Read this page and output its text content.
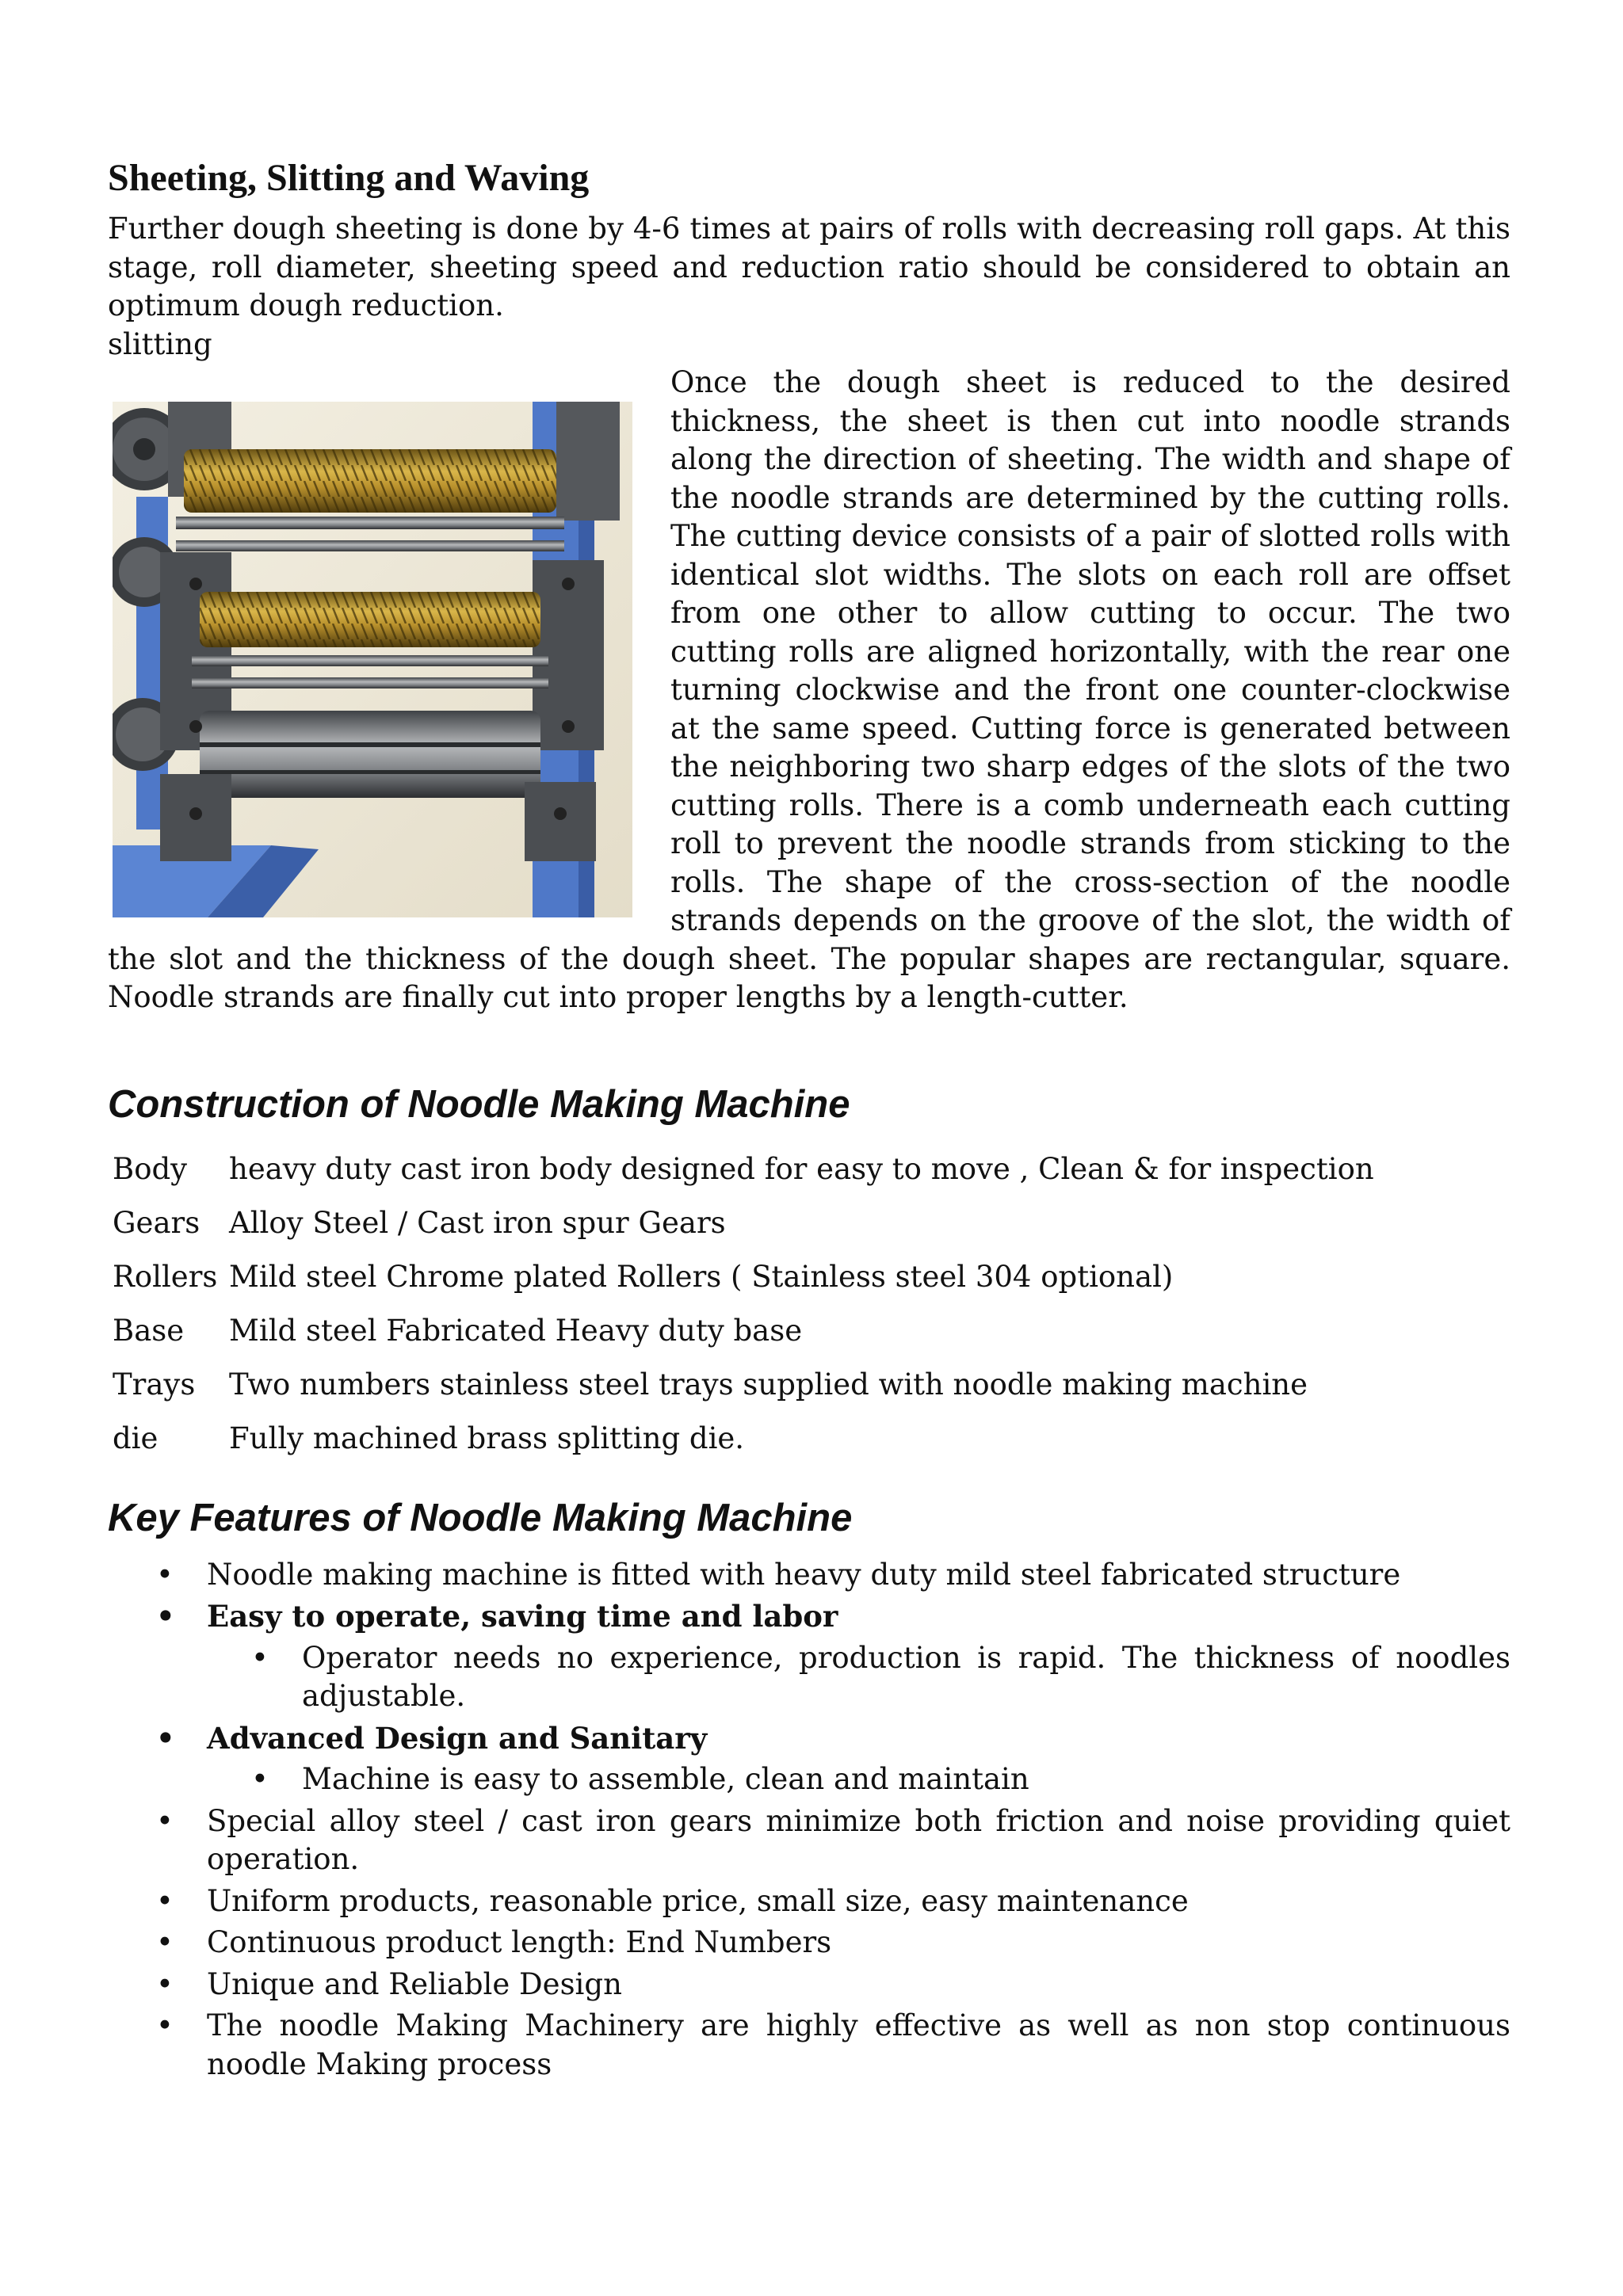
Sheeting, Slitting and Waving

Further dough sheeting is done by 4-6 times at pairs of rolls with decreasing roll gaps. At this stage, roll diameter, sheeting speed and reduction ratio should be considered to obtain an optimum dough reduction.

slitting

Once the dough sheet is reduced to the desired thickness, the sheet is then cut into noodle strands along the direction of sheeting. The width and shape of the noodle strands are determined by the cutting rolls. The cutting device consists of a pair of slotted rolls with identical slot widths. The slots on each roll are offset from one other to allow cutting to occur. The two cutting rolls are aligned horizontally, with the rear one turning clockwise and the front one counter-clockwise at the same speed. Cutting force is generated between the neighboring two sharp edges of the slots of the two cutting rolls. There is a comb underneath each cutting roll to prevent the noodle strands from sticking to the rolls. The shape of the cross-section of the noodle strands depends on the groove of the slot, the width of the slot and the thickness of the dough sheet. The popular shapes are rectangular, square. Noodle strands are finally cut into proper lengths by a length-cutter.

Construction of Noodle Making Machine
Body	heavy duty cast iron body designed for easy to move , Clean & for inspection
Gears	Alloy Steel / Cast iron spur Gears
Rollers	Mild steel Chrome plated Rollers ( Stainless steel 304 optional)
Base	Mild steel Fabricated Heavy duty base
Trays	Two numbers stainless steel trays supplied with noodle making machine
die	Fully machined brass splitting die.
Key Features of Noodle Making Machine
• Noodle making machine is fitted with heavy duty mild steel fabricated structure
• Easy to operate, saving time and labor
• Operator needs no experience, production is rapid. The thickness of noodles adjustable.
• Advanced Design and Sanitary
• Machine is easy to assemble, clean and maintain
• Special alloy steel / cast iron gears minimize both friction and noise providing quiet operation.
• Uniform products, reasonable price, small size, easy maintenance
• Continuous product length: End Numbers
• Unique and Reliable Design
• The noodle Making Machinery are highly effective as well as non stop continuous noodle Making process
